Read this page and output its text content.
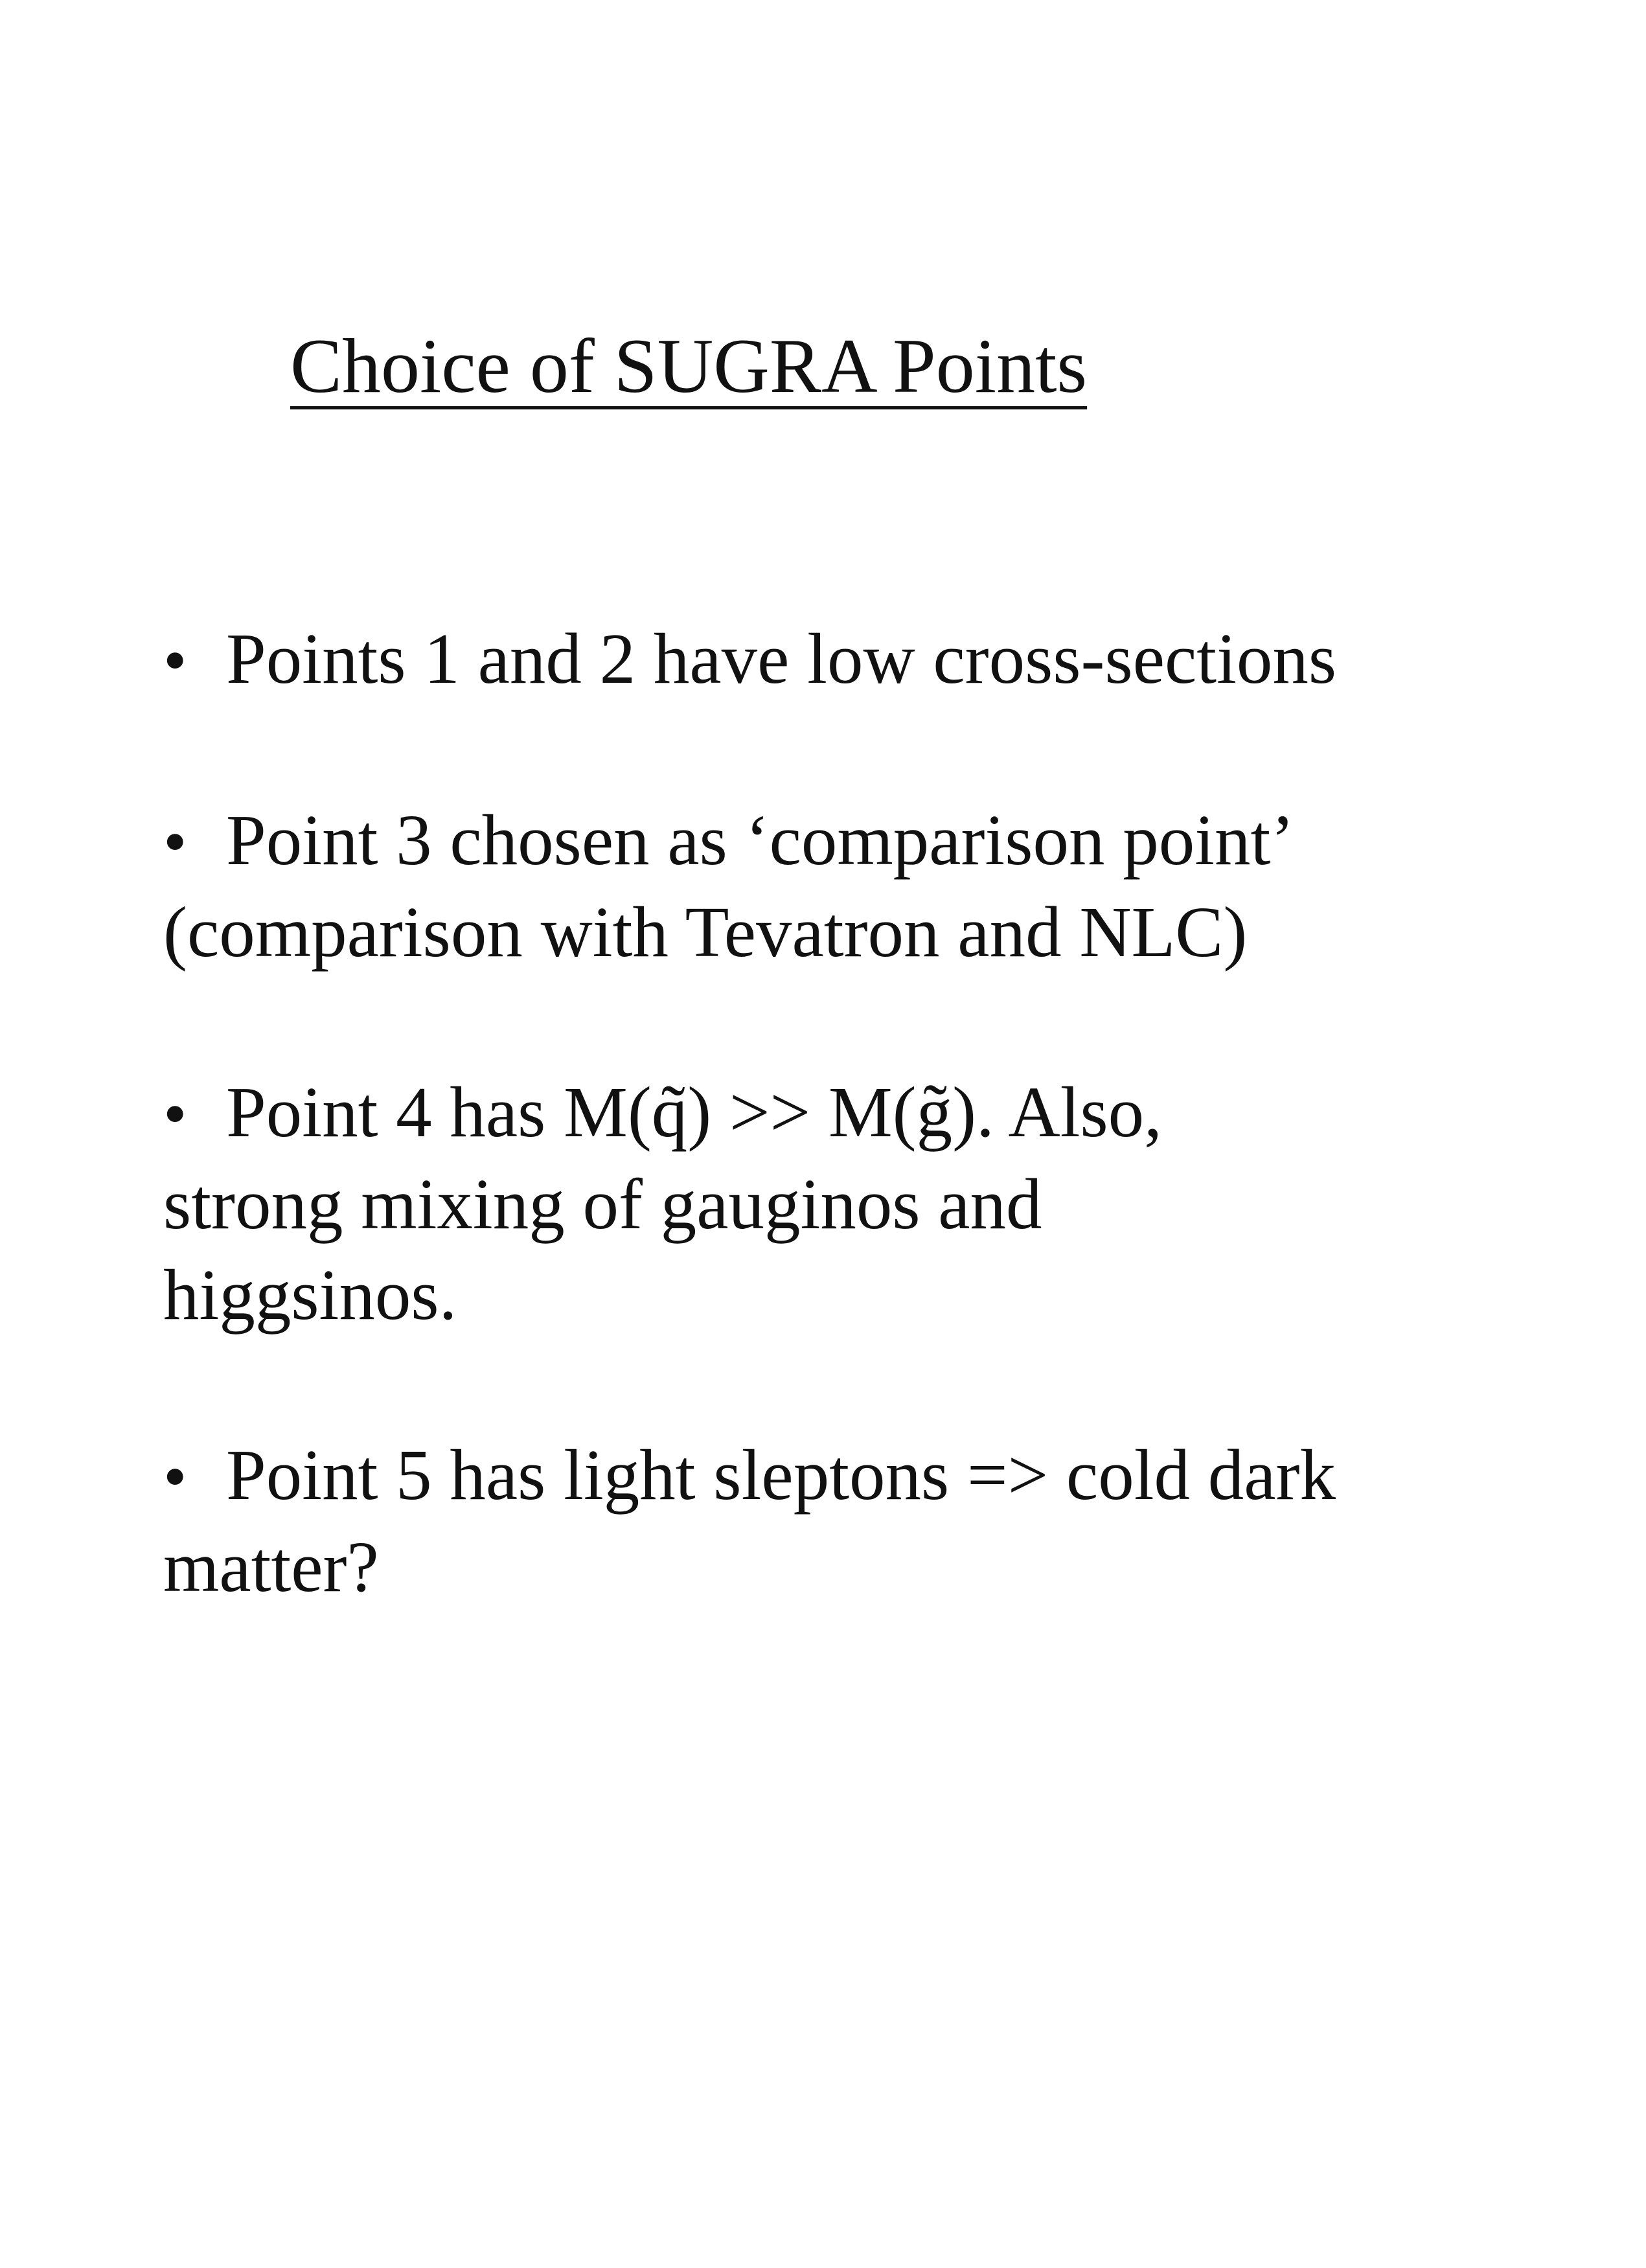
Choice of SUGRA Points
• Points 1 and 2 have low cross-sections
• Point 3 chosen as ‘comparison point’
(comparison with Tevatron and NLC)
• Point 4 has M(q̃) >> M(g̃). Also,
strong mixing of gauginos and
higgsinos.
• Point 5 has light sleptons => cold dark
matter?
